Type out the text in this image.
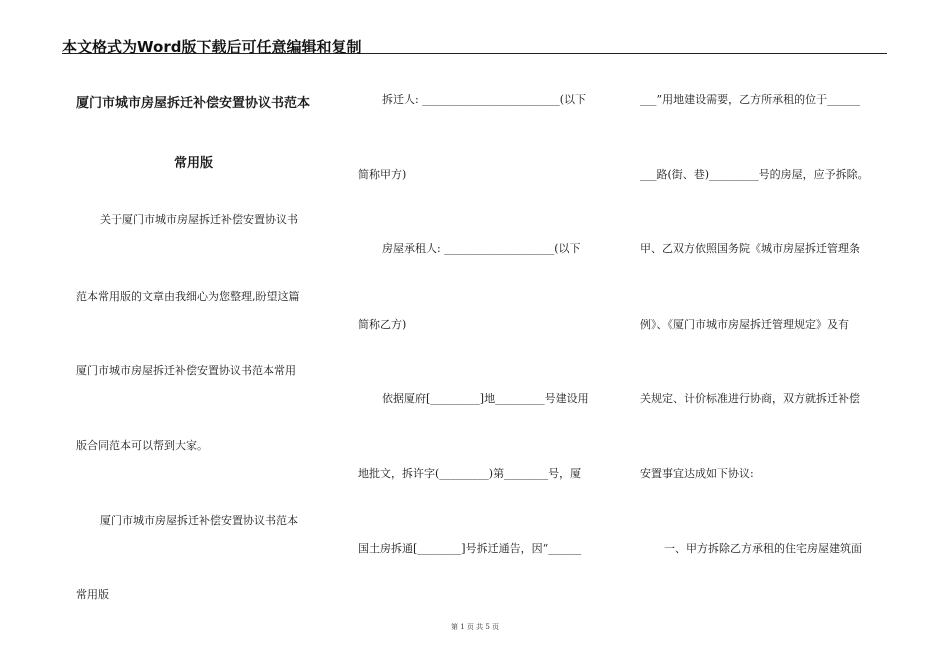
本文格式为Word版下载后可任意编辑和复制
厦门市城市房屋拆迁补偿安置协议书范本
常用版
关于厦门市城市房屋拆迁补偿安置协议书
范本常用版的文章由我细心为您整理,盼望这篇
厦门市城市房屋拆迁补偿安置协议书范本常用
版合同范本可以帮到大家。
厦门市城市房屋拆迁补偿安置协议书范本
常用版
拆迁人: _________________________(以下
简称甲方)
房屋承租人: ____________________(以下
简称乙方)
依据厦府[_________]地_________号建设用
地批文，拆许字(_________)第________号，厦
国土房拆通[________]号拆迁通告，因“______
___”用地建设需要，乙方所承租的位于______
___路(街、巷)_________号的房屋，应予拆除。
甲、乙双方依照国务院《城市房屋拆迁管理条
例》、《厦门市城市房屋拆迁管理规定》及有
关规定、计价标准进行协商，双方就拆迁补偿
安置事宜达成如下协议:
一、甲方拆除乙方承租的住宅房屋建筑面
第 1 页 共 5 页
